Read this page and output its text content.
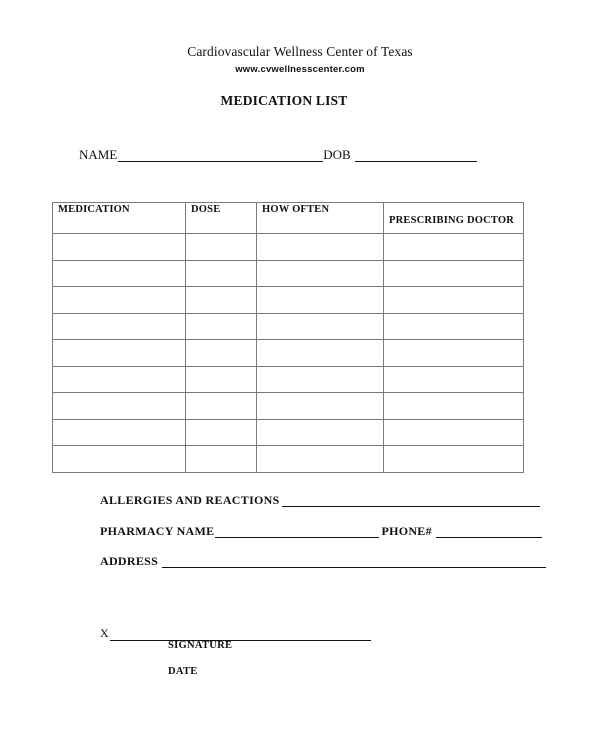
Cardiovascular Wellness Center of Texas
www.cvwellnesscenter.com
MEDICATION LIST
NAME	DOB
MEDICATION	DOSE	HOW OFTEN	PRESCRIBING DOCTOR

ALLERGIES AND REACTIONS
PHARMACY NAME	PHONE#
ADDRESS
X
SIGNATURE
DATE
